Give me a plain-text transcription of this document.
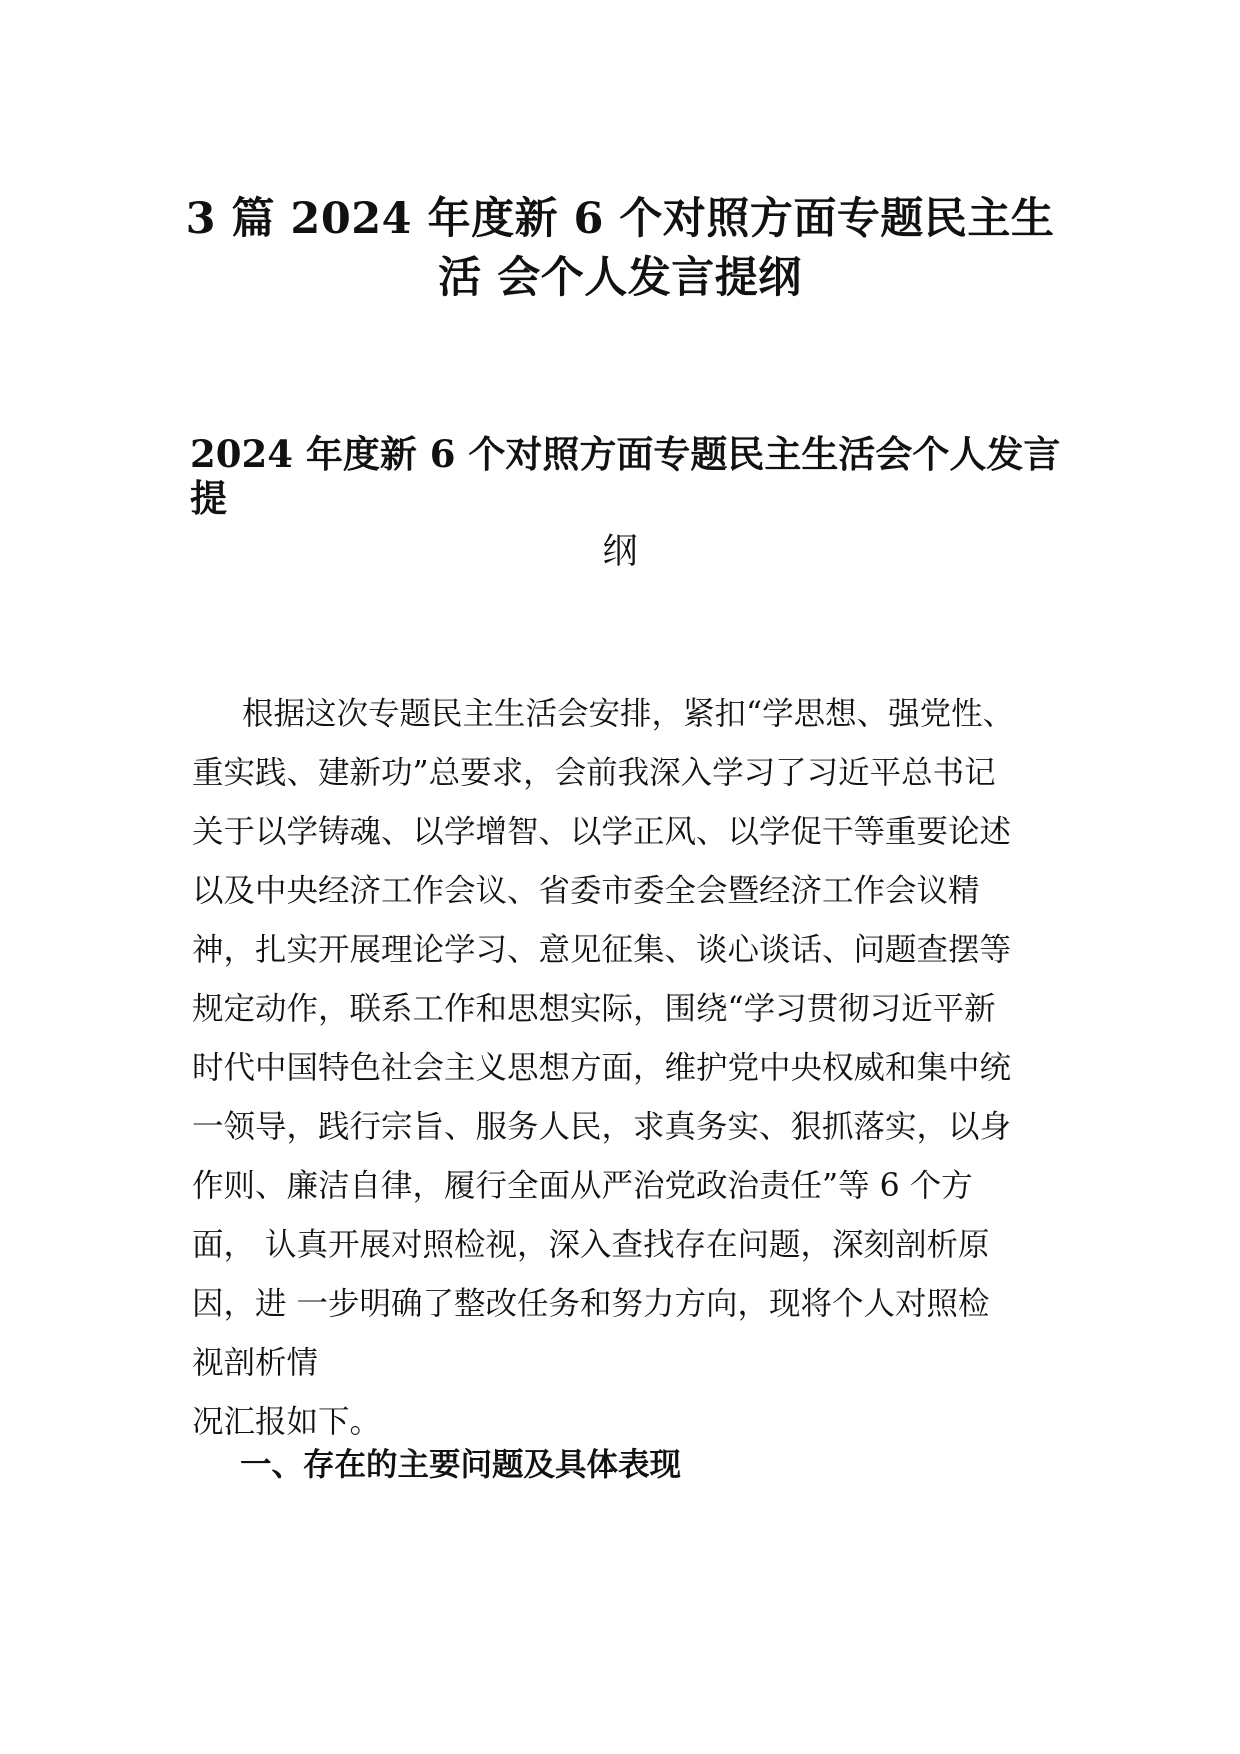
3 篇 2024 年度新 6 个对照方面专题民主生
活 会个人发言提纲
2024 年度新 6 个对照方面专题民主生活会个人发言
提

纲

根据这次专题民主生活会安排，紧扣“学思想、强党性、
重实践、建新功”总要求，会前我深入学习了习近平总书记
关于以学铸魂、以学增智、以学正风、以学促干等重要论述
以及中央经济工作会议、省委市委全会暨经济工作会议精
神，扎实开展理论学习、意见征集、谈心谈话、问题查摆等
规定动作，联系工作和思想实际，围绕“学习贯彻习近平新
时代中国特色社会主义思想方面，维护党中央权威和集中统
一领导，践行宗旨、服务人民，求真务实、狠抓落实，以身
作则、廉洁自律，履行全面从严治党政治责任”等 6 个方
面， 认真开展对照检视，深入查找存在问题，深刻剖析原
因，进 一步明确了整改任务和努力方向，现将个人对照检
视剖析情
况汇报如下。
一、存在的主要问题及具体表现
